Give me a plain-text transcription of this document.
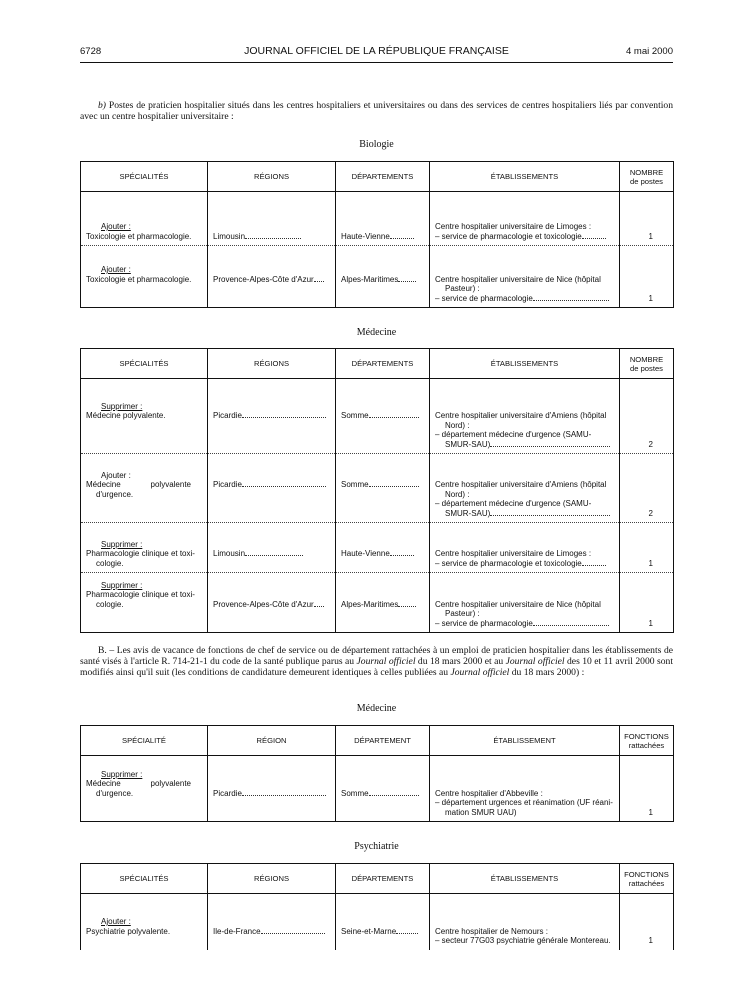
6728	JOURNAL OFFICIEL DE LA RÉPUBLIQUE FRANÇAISE	4 mai 2000

b) Postes de praticien hospitalier situés dans les centres hospitaliers et universitaires ou dans des services de centres hospitaliers liés par convention avec un centre hospitalier universitaire :

Biologie
SPÉCIALITÉS	RÉGIONS	DÉPARTEMENTS	ÉTABLISSEMENTS	NOMBRE
de postes

Ajouter :
Toxicologie et pharmacologie.	Limousin	Haute-Vienne	Centre hospitalier universitaire de Limoges :
– service de pharmacologie et toxicologie	1

Ajouter :
Toxicologie et pharmacologie.	Provence-Alpes-Côte d'Azur	Alpes-Maritimes	Centre hospitalier universitaire de Nice (hôpital
Pasteur) :
– service de pharmacologie	1
Médecine
SPÉCIALITÉS	RÉGIONS	DÉPARTEMENTS	ÉTABLISSEMENTS	NOMBRE
de postes

Supprimer :
Médecine polyvalente.	Picardie	Somme	Centre hospitalier universitaire d'Amiens (hôpital
Nord) :
– département médecine d'urgence (SAMU-
SMUR-SAU)	2

Ajouter :
Médecine polyvalente
d'urgence.	Picardie	Somme	Centre hospitalier universitaire d'Amiens (hôpital
Nord) :
– département médecine d'urgence (SAMU-
SMUR-SAU)	2

Supprimer :
Pharmacologie clinique et toxi-
cologie.	Limousin	Haute-Vienne	Centre hospitalier universitaire de Limoges :
– service de pharmacologie et toxicologie	1

Supprimer :
Pharmacologie clinique et toxi-
cologie.	Provence-Alpes-Côte d'Azur	Alpes-Maritimes	Centre hospitalier universitaire de Nice (hôpital
Pasteur) :
– service de pharmacologie	1

B. – Les avis de vacance de fonctions de chef de service ou de département rattachées à un emploi de praticien hospitalier dans les établissements de santé visés à l'article R. 714-21-1 du code de la santé publique parus au Journal officiel du 18 mars 2000 et au Journal officiel des 10 et 11 avril 2000 sont modifiés ainsi qu'il suit (les conditions de candidature demeurent identiques à celles publiées au Journal officiel du 18 mars 2000) :

Médecine
SPÉCIALITÉ	RÉGION	DÉPARTEMENT	ÉTABLISSEMENT	FONCTIONS
rattachées

Supprimer :
Médecine polyvalente
d'urgence.	Picardie	Somme	Centre hospitalier d'Abbeville :
– département urgences et réanimation (UF réani-
mation SMUR UAU)	1
Psychiatrie
SPÉCIALITÉS	RÉGIONS	DÉPARTEMENTS	ÉTABLISSEMENTS	FONCTIONS
rattachées

Ajouter :
Psychiatrie polyvalente.	Ile-de-France	Seine-et-Marne	Centre hospitalier de Nemours :
– secteur 77G03 psychiatrie générale Montereau.	1
